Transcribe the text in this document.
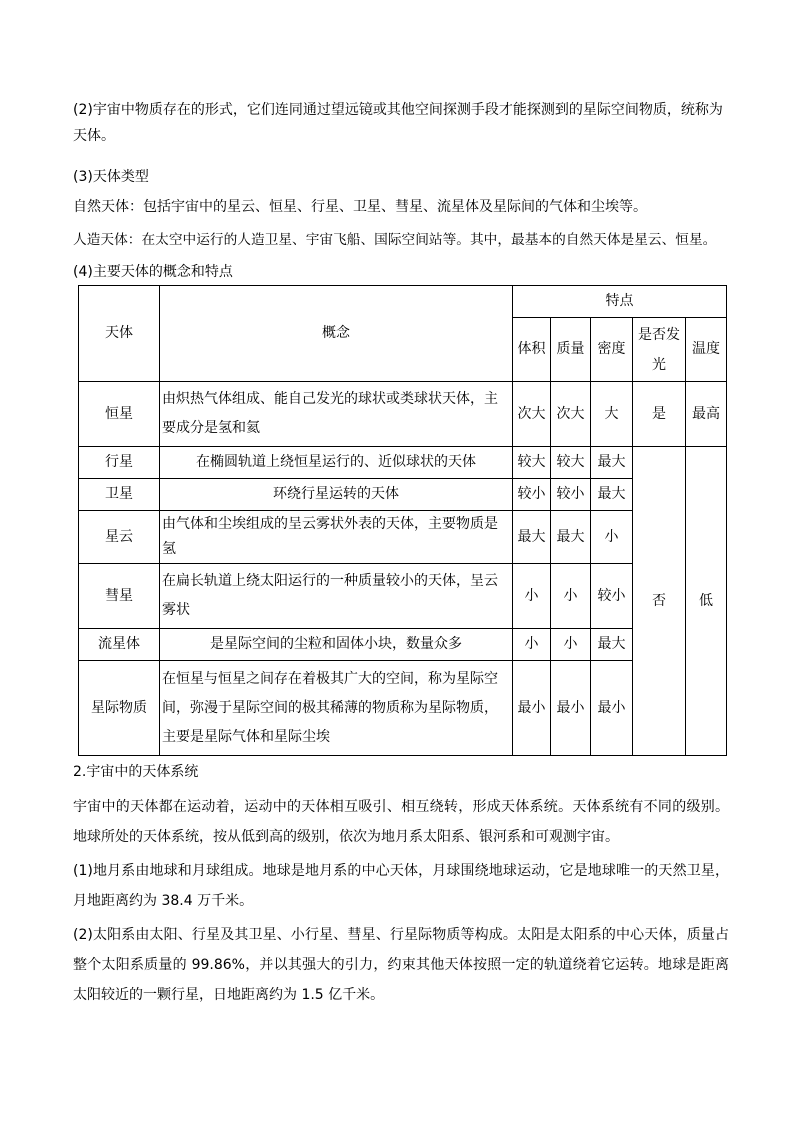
(2)宇宙中物质存在的形式，它们连同通过望远镜或其他空间探测手段才能探测到的星际空间物质，统称为天体。
(3)天体类型
自然天体：包括宇宙中的星云、恒星、行星、卫星、彗星、流星体及星际间的气体和尘埃等。
人造天体：在太空中运行的人造卫星、宇宙飞船、国际空间站等。其中，最基本的自然天体是星云、恒星。
(4)主要天体的概念和特点
天体	概念	特点				
		体积	质量	密度	是否发光	温度
恒星	由炽热气体组成、能自己发光的球状或类球状天体，主要成分是氢和氦	次大	次大	大	是	最高
行星	在椭圆轨道上绕恒星运行的、近似球状的天体	较大	较大	最大	否	低
卫星	环绕行星运转的天体	较小	较小	最大		
星云	由气体和尘埃组成的呈云雾状外表的天体，主要物质是氢	最大	最大	小		
彗星	在扁长轨道上绕太阳运行的一种质量较小的天体，呈云雾状	小	小	较小		
流星体	是星际空间的尘粒和固体小块，数量众多	小	小	最大		
星际物质	在恒星与恒星之间存在着极其广大的空间，称为星际空间，弥漫于星际空间的极其稀薄的物质称为星际物质，主要是星际气体和星际尘埃	最小	最小	最小		
2.宇宙中的天体系统
宇宙中的天体都在运动着，运动中的天体相互吸引、相互绕转，形成天体系统。天体系统有不同的级别。地球所处的天体系统，按从低到高的级别，依次为地月系太阳系、银河系和可观测宇宙。
(1)地月系由地球和月球组成。地球是地月系的中心天体，月球围绕地球运动，它是地球唯一的天然卫星，月地距离约为 38.4 万千米。
(2)太阳系由太阳、行星及其卫星、小行星、彗星、行星际物质等构成。太阳是太阳系的中心天体，质量占整个太阳系质量的 99.86%，并以其强大的引力，约束其他天体按照一定的轨道绕着它运转。地球是距离太阳较近的一颗行星，日地距离约为 1.5 亿千米。
